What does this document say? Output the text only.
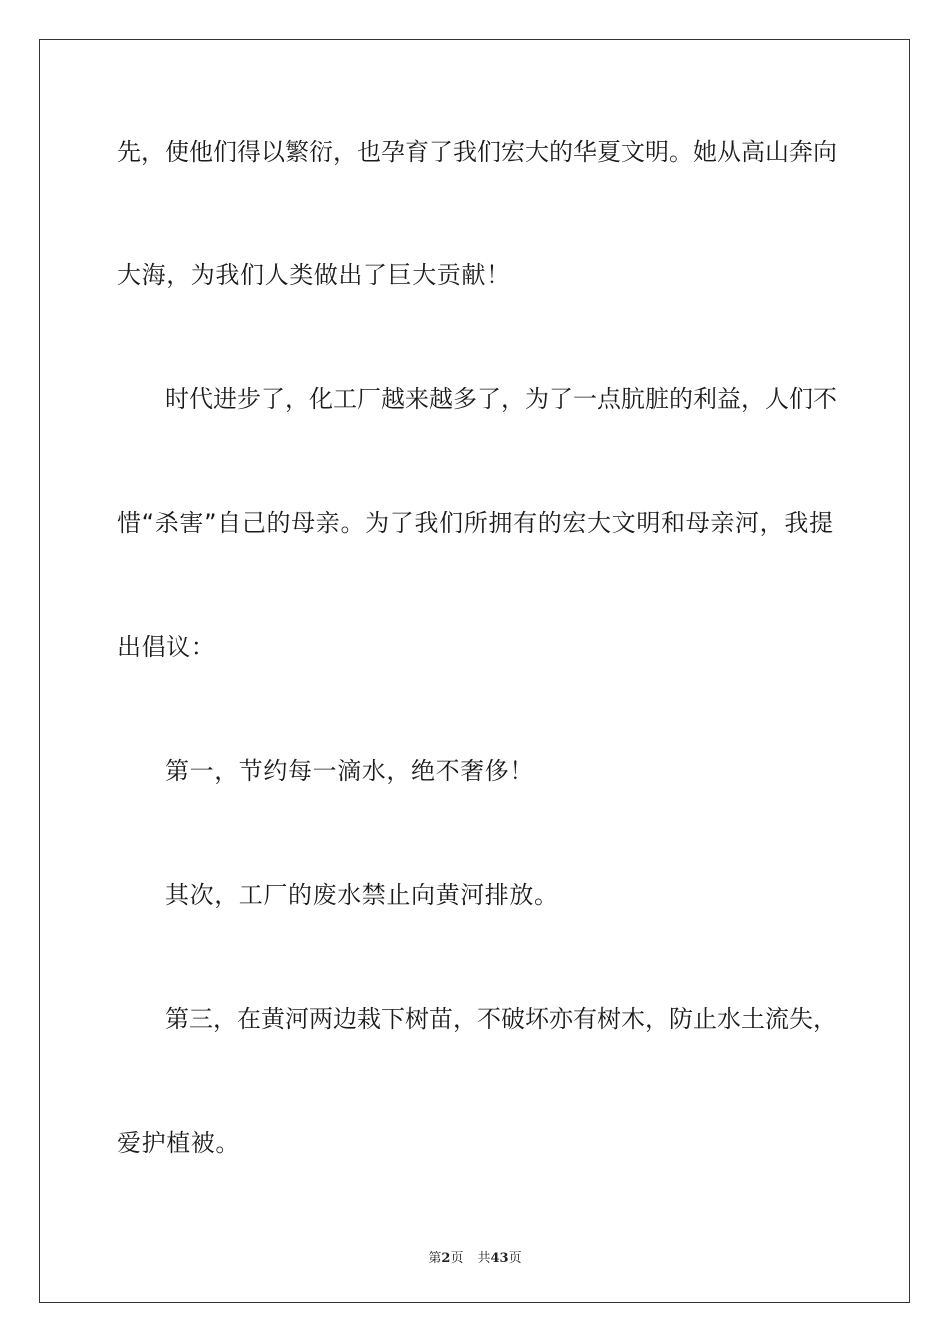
先，使他们得以繁衍，也孕育了我们宏大的华夏文明。她从高山奔向
大海，为我们人类做出了巨大贡献！
时代进步了，化工厂越来越多了，为了一点肮脏的利益，人们不
惜“杀害”自己的母亲。为了我们所拥有的宏大文明和母亲河，我提
出倡议：
第一，节约每一滴水，绝不奢侈！
其次，工厂的废水禁止向黄河排放。
第三，在黄河两边栽下树苗，不破坏亦有树木，防止水土流失，
爱护植被。
第2页 共43页
